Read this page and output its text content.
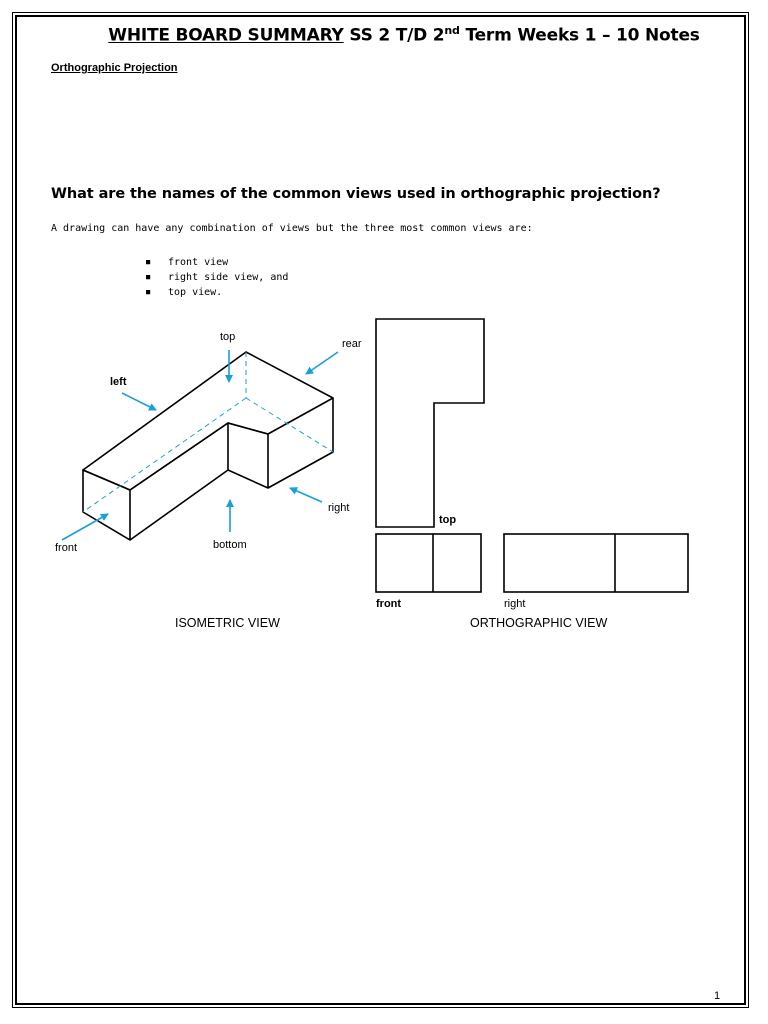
WHITE BOARD SUMMARY SS 2 T/D 2nd Term Weeks 1 – 10 Notes
Orthographic Projection
What are the names of the common views used in orthographic projection?
A drawing can have any combination of views but the three most common views are:
■	front view
■	right side view, and
■	top view.
top
rear
left
right
front	bottom
ISOMETRIC VIEW
top
front	right
ORTHOGRAPHIC VIEW
1
